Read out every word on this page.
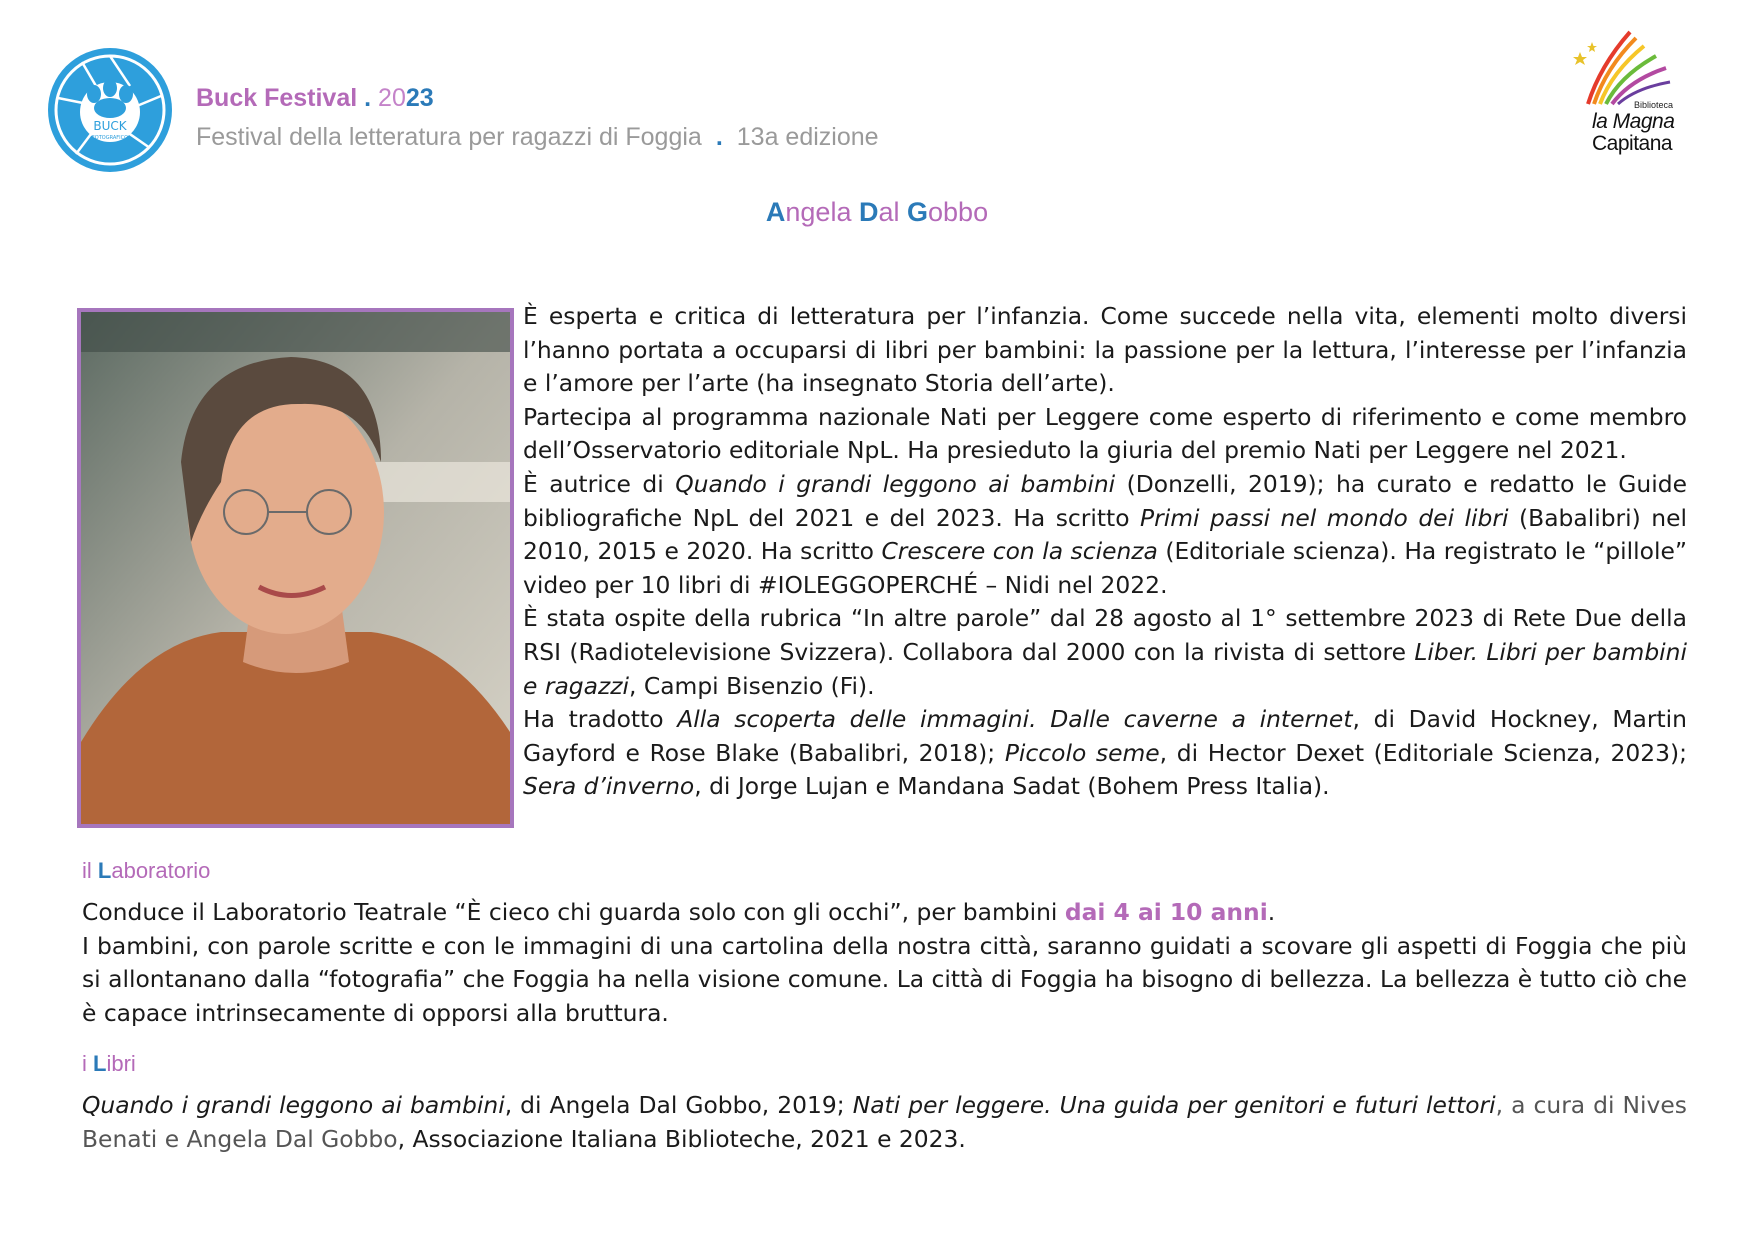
BUCK
FOTOGRAFICO
Buck Festival . 2023
Festival della letteratura per ragazzi di Foggia . 13a edizione
Biblioteca
la Magna
Capitana
Angela Dal Gobbo

È esperta e critica di letteratura per l’infanzia. Come succede nella vita, elementi molto diversi l’hanno portata a occuparsi di libri per bambini: la passione per la lettura, l’interesse per l’infanzia e l’amore per l’arte (ha insegnato Storia dell’arte).

Partecipa al programma nazionale Nati per Leggere come esperto di riferimento e come membro dell’Osservatorio editoriale NpL. Ha presieduto la giuria del premio Nati per Leggere nel 2021.

È autrice di Quando i grandi leggono ai bambini (Donzelli, 2019); ha curato e redatto le Guide bibliografiche NpL del 2021 e del 2023. Ha scritto Primi passi nel mondo dei libri (Babalibri) nel 2010, 2015 e 2020. Ha scritto Crescere con la scienza (Editoriale scienza). Ha registrato le “pillole” video per 10 libri di #IOLEGGOPERCHÉ – Nidi nel 2022.

È stata ospite della rubrica “In altre parole” dal 28 agosto al 1° settembre 2023 di Rete Due della RSI (Radiotelevisione Svizzera). Collabora dal 2000 con la rivista di settore Liber. Libri per bambini e ragazzi, Campi Bisenzio (Fi).

Ha tradotto Alla scoperta delle immagini. Dalle caverne a internet, di David Hockney, Martin Gayford e Rose Blake (Babalibri, 2018); Piccolo seme, di Hector Dexet (Editoriale Scienza, 2023); Sera d’inverno, di Jorge Lujan e Mandana Sadat (Bohem Press Italia).

il Laboratorio

Conduce il Laboratorio Teatrale “È cieco chi guarda solo con gli occhi”, per bambini dai 4 ai 10 anni.

I bambini, con parole scritte e con le immagini di una cartolina della nostra città, saranno guidati a scovare gli aspetti di Foggia che più si allontanano dalla “fotografia” che Foggia ha nella visione comune. La città di Foggia ha bisogno di bellezza. La bellezza è tutto ciò che è capace intrinsecamente di opporsi alla bruttura.

i Libri
Quando i grandi leggono ai bambini, di Angela Dal Gobbo, 2019; Nati per leggere. Una guida per genitori e futuri lettori, a cura di Nives Benati e Angela Dal Gobbo, Associazione Italiana Biblioteche, 2021 e 2023.
